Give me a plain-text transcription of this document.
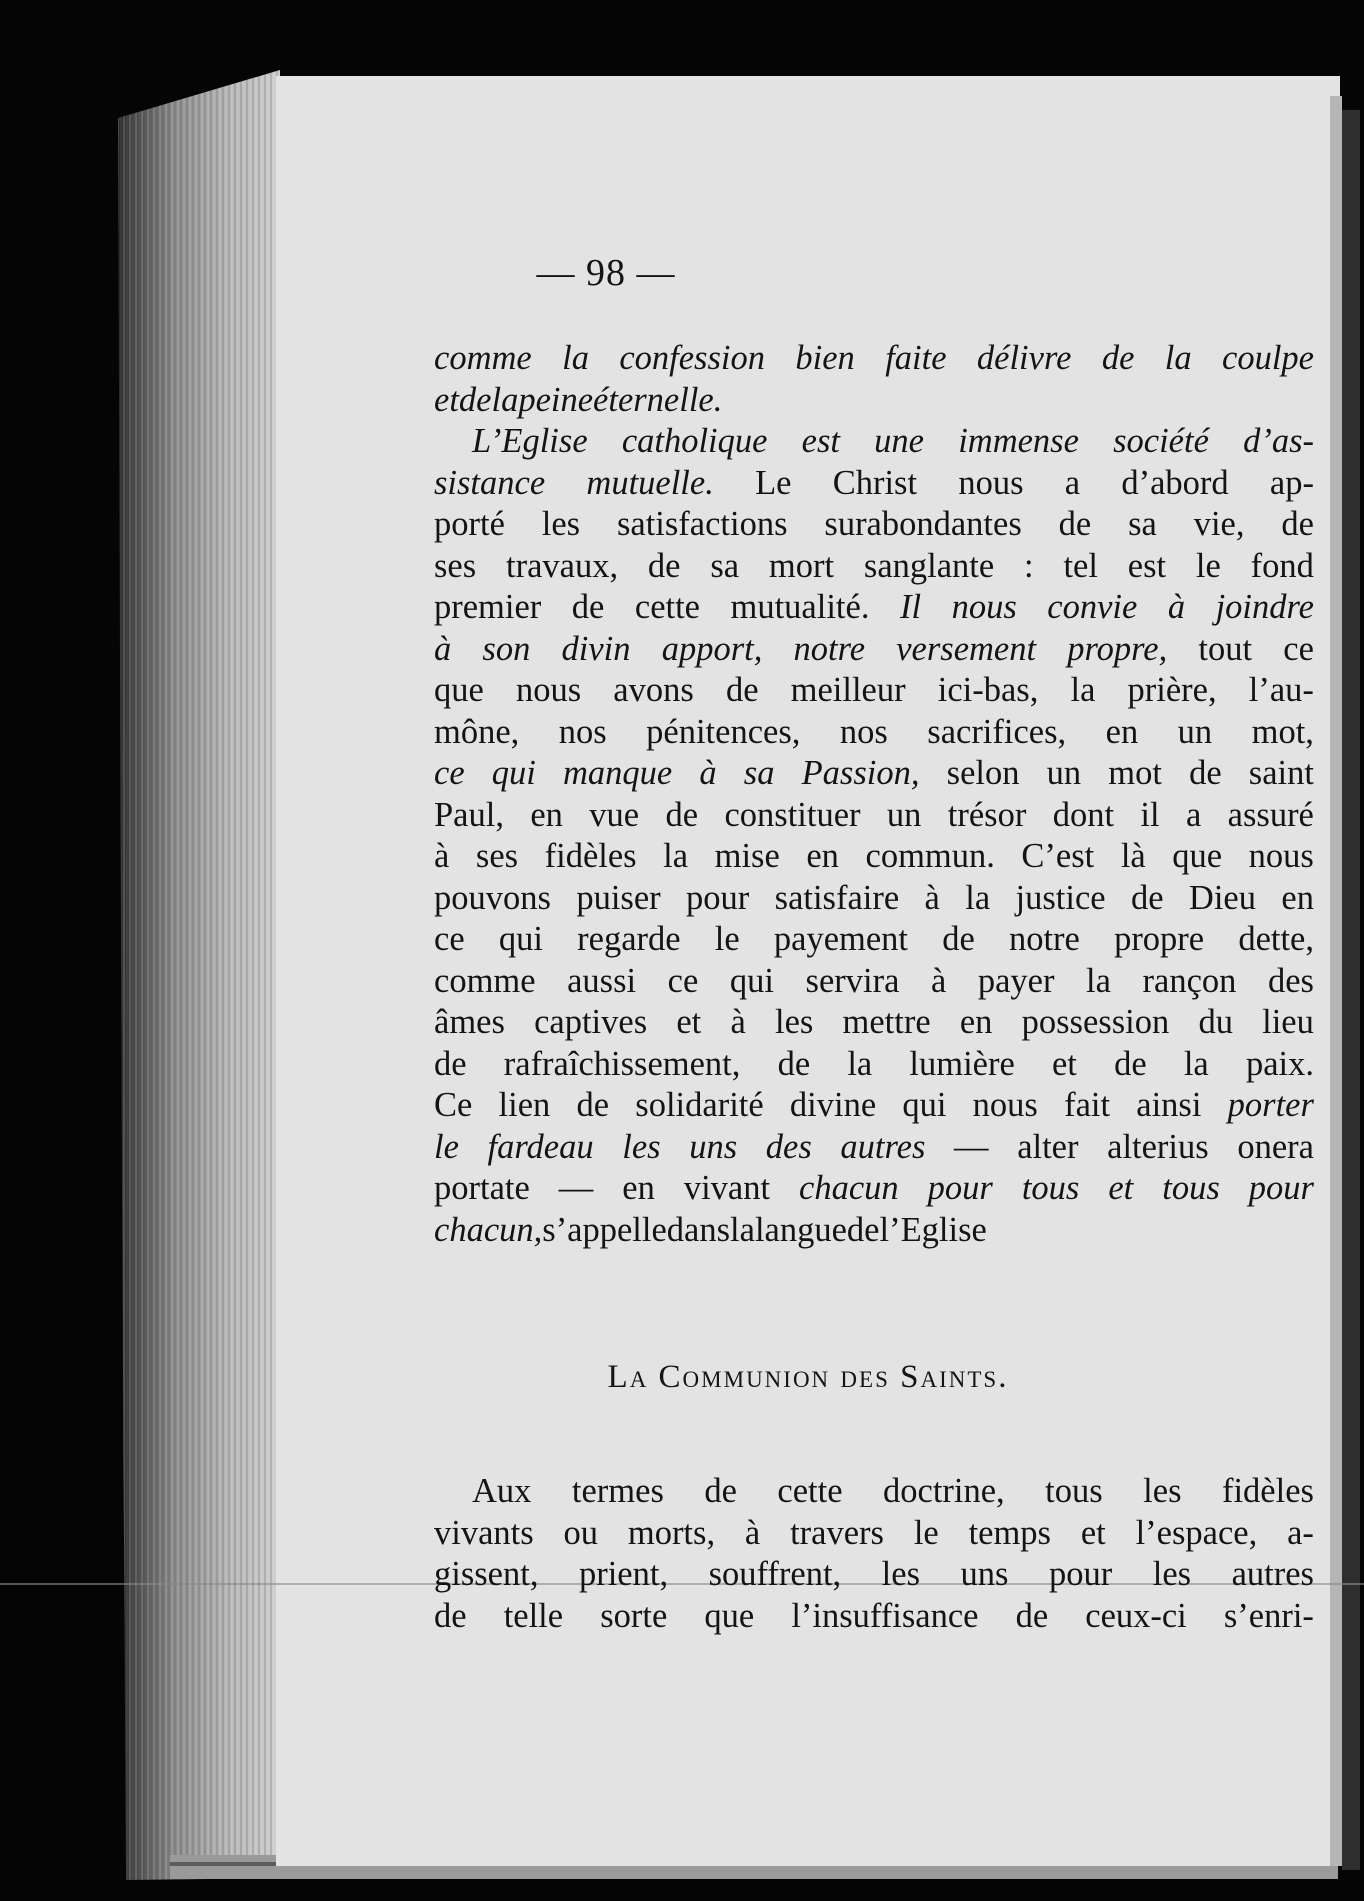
— 98 —
comme la confession bien faite délivre de la coulpe
et de la peine éternelle.
L’Eglise catholique est une immense société d’as-
sistance mutuelle. Le Christ nous a d’abord ap-
porté les satisfactions surabondantes de sa vie, de
ses travaux, de sa mort sanglante : tel est le fond
premier de cette mutualité. Il nous convie à joindre
à son divin apport, notre versement propre, tout ce
que nous avons de meilleur ici-bas, la prière, l’au-
mône, nos pénitences, nos sacrifices, en un mot,
ce qui manque à sa Passion, selon un mot de saint
Paul, en vue de constituer un trésor dont il a assuré
à ses fidèles la mise en commun. C’est là que nous
pouvons puiser pour satisfaire à la justice de Dieu en
ce qui regarde le payement de notre propre dette,
comme aussi ce qui servira à payer la rançon des
âmes captives et à les mettre en possession du lieu
de rafraîchissement, de la lumière et de la paix.
Ce lien de solidarité divine qui nous fait ainsi porter
le fardeau les uns des autres — alter alterius onera
portate — en vivant chacun pour tous et tous pour
chacun, s’appelle dans la langue de l’Eglise
La Communion des Saints.
Aux termes de cette doctrine, tous les fidèles
vivants ou morts, à travers le temps et l’espace, a-
gissent, prient, souffrent, les uns pour les autres
de telle sorte que l’insuffisance de ceux-ci s’enri-
